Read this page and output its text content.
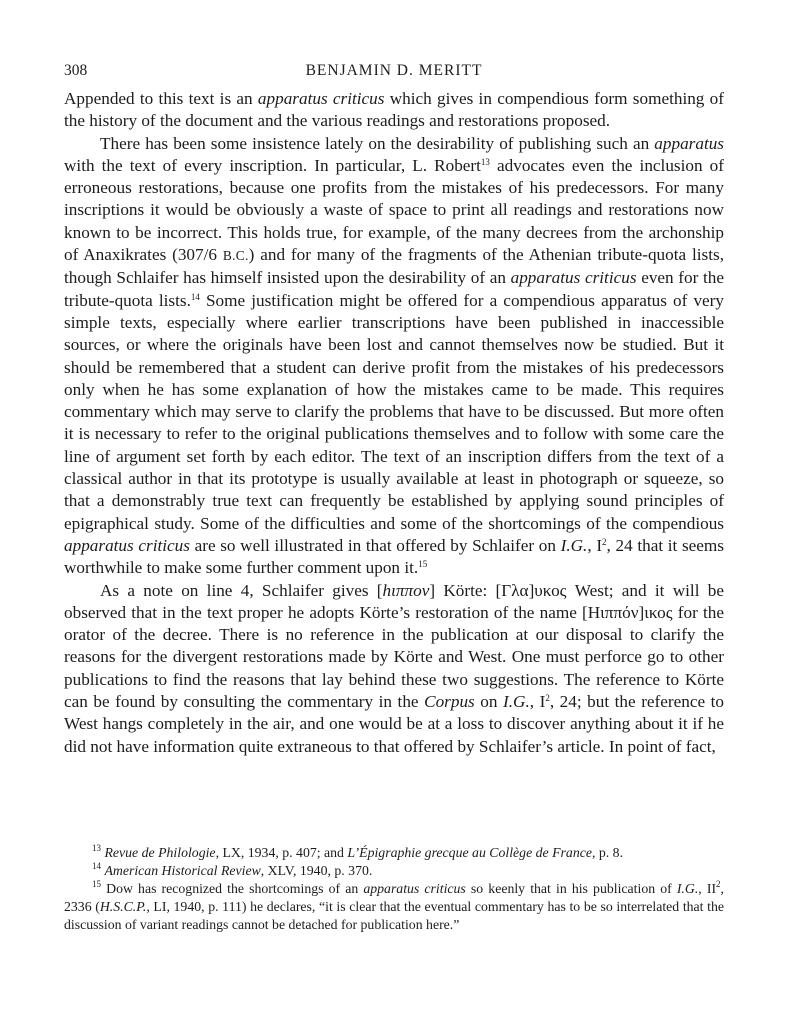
308	BENJAMIN D. MERITT

Appended to this text is an apparatus criticus which gives in compendious form something of the history of the document and the various readings and restorations proposed.

There has been some insistence lately on the desirability of publishing such an apparatus with the text of every inscription. In particular, L. Robert$^{13}$ advocates even the inclusion of erroneous restorations, because one profits from the mistakes of his predecessors. For many inscriptions it would be obviously a waste of space to print all readings and restorations now known to be incorrect. This holds true, for example, of the many decrees from the archonship of Anaxikrates (307/6 B.C.) and for many of the fragments of the Athenian tribute-quota lists, though Schlaifer has himself insisted upon the desirability of an apparatus criticus even for the tribute-quota lists.$^{14}$ Some justification might be offered for a compendious apparatus of very simple texts, especially where earlier transcriptions have been published in inaccessible sources, or where the originals have been lost and cannot themselves now be studied. But it should be remembered that a student can derive profit from the mistakes of his predecessors only when he has some explanation of how the mistakes came to be made. This requires commentary which may serve to clarify the problems that have to be discussed. But more often it is necessary to refer to the original publications themselves and to follow with some care the line of argument set forth by each editor. The text of an inscription differs from the text of a classical author in that its prototype is usually available at least in photograph or squeeze, so that a demonstrably true text can frequently be established by applying sound principles of epigraphical study. Some of the difficulties and some of the shortcomings of the compendious apparatus criticus are so well illustrated in that offered by Schlaifer on I.G., $I^2$, 24 that it seems worthwhile to make some further comment upon it.$^{15}$

As a note on line 4, Schlaifer gives [hιππον] Körte: [Γλα]υκος West; and it will be observed that in the text proper he adopts Körte’s restoration of the name [Hιππόν]ικος for the orator of the decree. There is no reference in the publication at our disposal to clarify the reasons for the divergent restorations made by Körte and West. One must perforce go to other publications to find the reasons that lay behind these two suggestions. The reference to Körte can be found by consulting the commentary in the Corpus on I.G., $I^2$, 24; but the reference to West hangs completely in the air, and one would be at a loss to discover anything about it if he did not have information quite extraneous to that offered by Schlaifer’s article. In point of fact,

$^{13}$ Revue de Philologie, LX, 1934, p. 407; and L’Épigraphie grecque au Collège de France, p. 8.

$^{14}$ American Historical Review, XLV, 1940, p. 370.

$^{15}$ Dow has recognized the shortcomings of an apparatus criticus so keenly that in his publication of I.G., $II^2$, 2336 (H.S.C.P., LI, 1940, p. 111) he declares, “it is clear that the eventual commentary has to be so interrelated that the discussion of variant readings cannot be detached for publication here.”
